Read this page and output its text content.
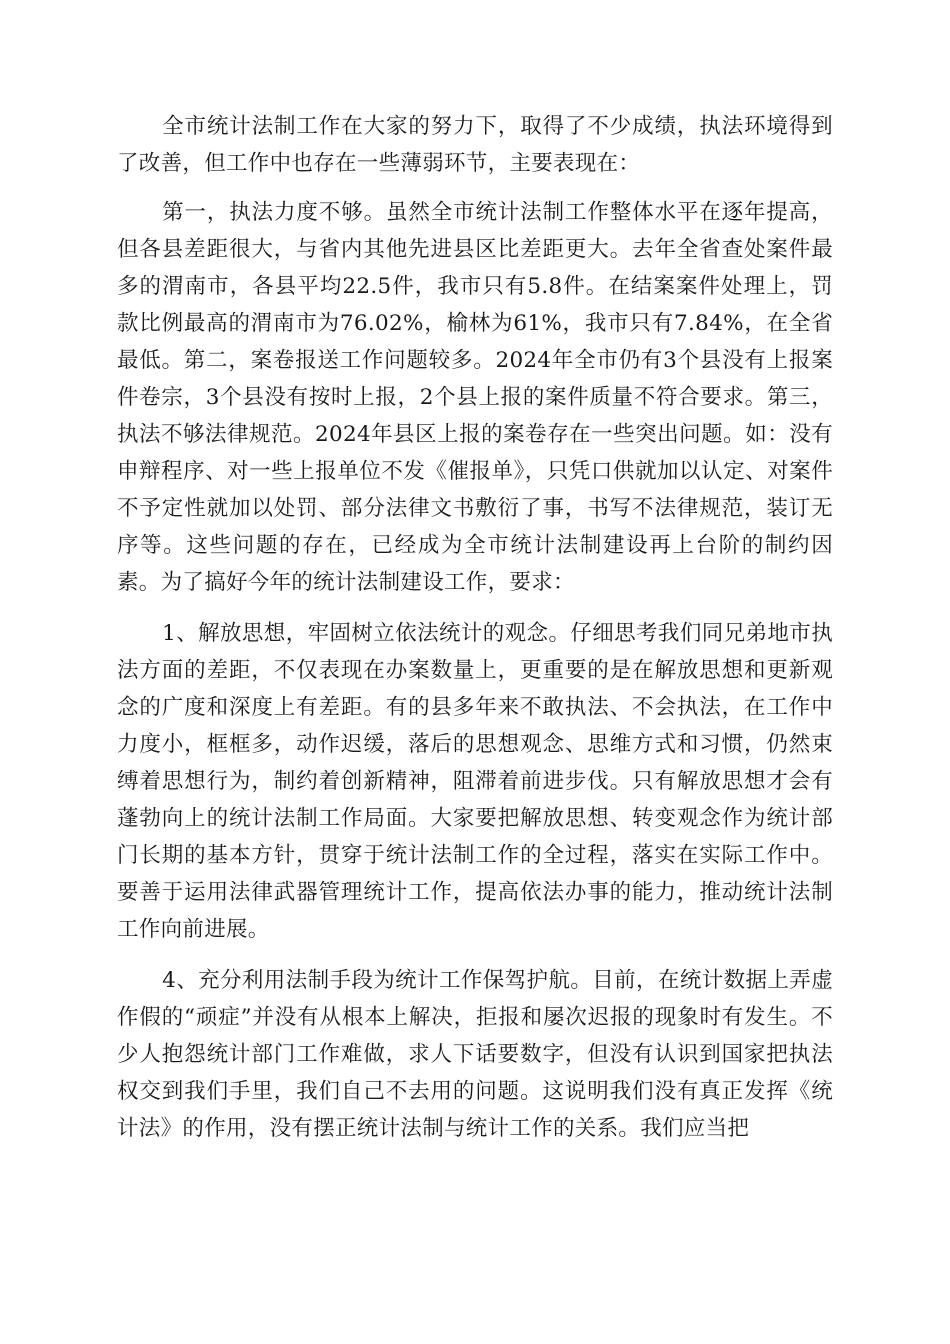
全市统计法制工作在大家的努力下，取得了不少成绩，执法环境得到了改善，但工作中也存在一些薄弱环节，主要表现在：

第一，执法力度不够。虽然全市统计法制工作整体水平在逐年提高，但各县差距很大，与省内其他先进县区比差距更大。去年全省查处案件最多的渭南市，各县平均22.5件，我市只有5.8件。在结案案件处理上，罚款比例最高的渭南市为76.02%，榆林为61%，我市只有7.84%，在全省最低。第二，案卷报送工作问题较多。2024年全市仍有3个县没有上报案件卷宗，3个县没有按时上报，2个县上报的案件质量不符合要求。第三，执法不够法律规范。2024年县区上报的案卷存在一些突出问题。如：没有申辩程序、对一些上报单位不发《催报单》，只凭口供就加以认定、对案件不予定性就加以处罚、部分法律文书敷衍了事，书写不法律规范，装订无序等。这些问题的存在，已经成为全市统计法制建设再上台阶的制约因素。为了搞好今年的统计法制建设工作，要求：

1、解放思想，牢固树立依法统计的观念。仔细思考我们同兄弟地市执法方面的差距，不仅表现在办案数量上，更重要的是在解放思想和更新观念的广度和深度上有差距。有的县多年来不敢执法、不会执法，在工作中力度小，框框多，动作迟缓，落后的思想观念、思维方式和习惯，仍然束缚着思想行为，制约着创新精神，阻滞着前进步伐。只有解放思想才会有蓬勃向上的统计法制工作局面。大家要把解放思想、转变观念作为统计部门长期的基本方针，贯穿于统计法制工作的全过程，落实在实际工作中。要善于运用法律武器管理统计工作，提高依法办事的能力，推动统计法制工作向前进展。

4、充分利用法制手段为统计工作保驾护航。目前，在统计数据上弄虚作假的“顽症”并没有从根本上解决，拒报和屡次迟报的现象时有发生。不少人抱怨统计部门工作难做，求人下话要数字，但没有认识到国家把执法权交到我们手里，我们自己不去用的问题。这说明我们没有真正发挥《统计法》的作用，没有摆正统计法制与统计工作的关系。我们应当把
